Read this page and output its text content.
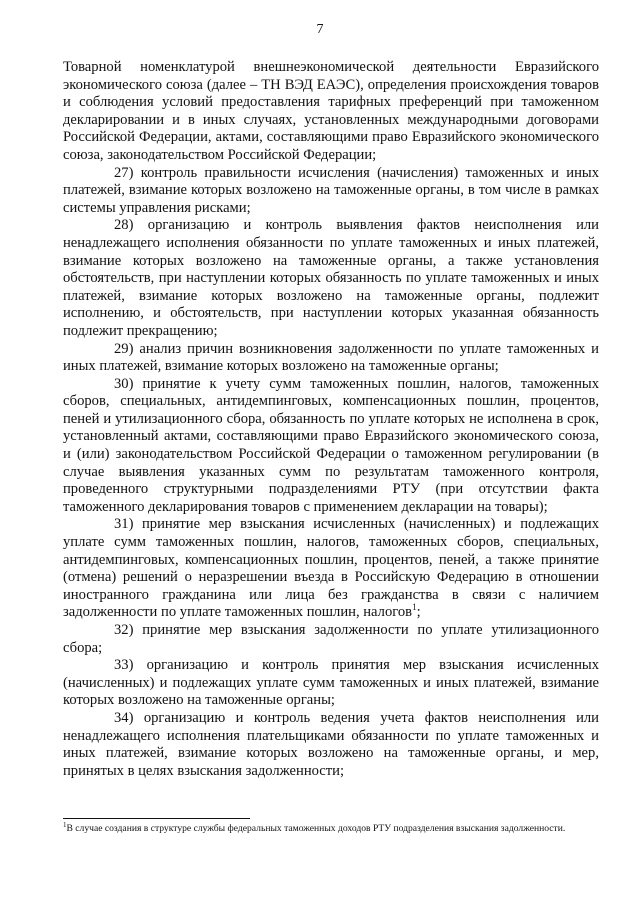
7

Товарной номенклатурой внешнеэкономической деятельности Евразийского экономического союза (далее – ТН ВЭД ЕАЭС), определения происхождения товаров и соблюдения условий предоставления тарифных преференций при таможенном декларировании и в иных случаях, установленных международными договорами Российской Федерации, актами, составляющими право Евразийского экономического союза, законодательством Российской Федерации;

27) контроль правильности исчисления (начисления) таможенных и иных платежей, взимание которых возложено на таможенные органы, в том числе в рамках системы управления рисками;

28) организацию и контроль выявления фактов неисполнения или ненадлежащего исполнения обязанности по уплате таможенных и иных платежей, взимание которых возложено на таможенные органы, а также установления обстоятельств, при наступлении которых обязанность по уплате таможенных и иных платежей, взимание которых возложено на таможенные органы, подлежит исполнению, и обстоятельств, при наступлении которых указанная обязанность подлежит прекращению;

29) анализ причин возникновения задолженности по уплате таможенных и иных платежей, взимание которых возложено на таможенные органы;

30) принятие к учету сумм таможенных пошлин, налогов, таможенных сборов, специальных, антидемпинговых, компенсационных пошлин, процентов, пеней и утилизационного сбора, обязанность по уплате которых не исполнена в срок, установленный актами, составляющими право Евразийского экономического союза, и (или) законодательством Российской Федерации о таможенном регулировании (в случае выявления указанных сумм по результатам таможенного контроля, проведенного структурными подразделениями РТУ (при отсутствии факта таможенного декларирования товаров с применением декларации на товары);

31) принятие мер взыскания исчисленных (начисленных) и подлежащих уплате сумм таможенных пошлин, налогов, таможенных сборов, специальных, антидемпинговых, компенсационных пошлин, процентов, пеней, а также принятие (отмена) решений о неразрешении въезда в Российскую Федерацию в отношении иностранного гражданина или лица без гражданства в связи с наличием задолженности по уплате таможенных пошлин, налогов$^1$;

32) принятие мер взыскания задолженности по уплате утилизационного сбора;

33) организацию и контроль принятия мер взыскания исчисленных (начисленных) и подлежащих уплате сумм таможенных и иных платежей, взимание которых возложено на таможенные органы;

34) организацию и контроль ведения учета фактов неисполнения или ненадлежащего исполнения плательщиками обязанности по уплате таможенных и иных платежей, взимание которых возложено на таможенные органы, и мер, принятых в целях взыскания задолженности;

$^1$В случае создания в структуре службы федеральных таможенных доходов РТУ подразделения взыскания задолженности.
